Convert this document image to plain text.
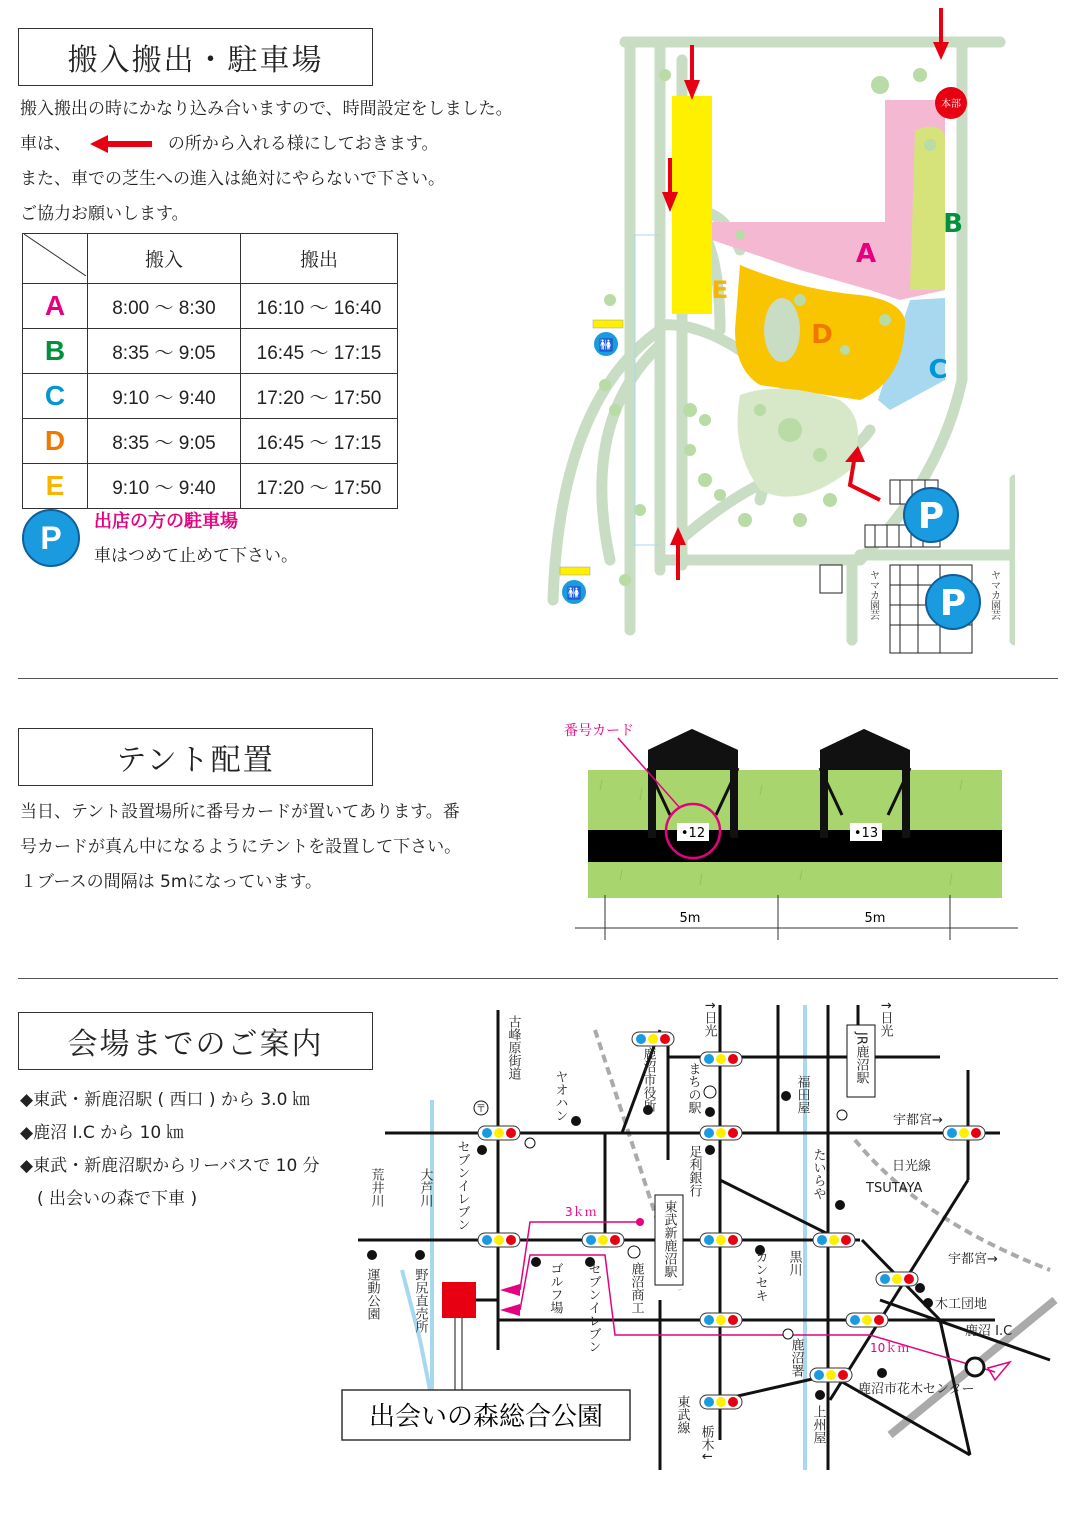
搬入搬出・駐車場
搬入搬出の時にかなり込み合いますので、時間設定をしました。
車は、	の所から入れる様にしておきます。
また、車での芝生への進入は絶対にやらないで下さい。
ご協力お願いします。
	搬入	搬出
A	8:00 ～ 8:30	16:10 ～ 16:40
B	8:35 ～ 9:05	16:45 ～ 17:15
C	9:10 ～ 9:40	17:20 ～ 17:50
D	8:35 ～ 9:05	16:45 ～ 17:15
E	9:10 ～ 9:40	17:20 ～ 17:50
P	出店の方の駐車場
車はつめて止めて下さい。
A
B
C
D
E
本部
🚻
🚻
P
P
ヤマカ園芸	ヤマカ園芸
テント配置
当日、テント設置場所に番号カードが置いてあります。番
号カードが真ん中になるようにテントを設置して下さい。
１ブースの間隔は 5mになっています。
•12	•13
番号カード
5m	5m
会場までのご案内
◆東武・新鹿沼駅 ( 西口 ) から 3.0 ㎞
◆鹿沼 I.C から 10 ㎞
◆東武・新鹿沼駅からリーバスで 10 分
　( 出会いの森で下車 )
出会いの森総合公園
3ｋｍ
10ｋｍ
〒
古峰原街道	↑日光	↑日光
ヤオハン	鹿沼市役所 まちの駅	福田屋
JR鹿沼駅
セブンイレブン
荒井川	大芦川	足利銀行	たいらや
東武新鹿沼駅
運動公園	野尻直売所	ゴルフ場 セブンイレブン 鹿沼商工	カンセキ 黒川
鹿沼署
上州屋
東武線
栃木↓
宇都宮→
日光線
TSUTAYA
宇都宮→
木工団地
鹿沼 I.C
鹿沼市花木センター
